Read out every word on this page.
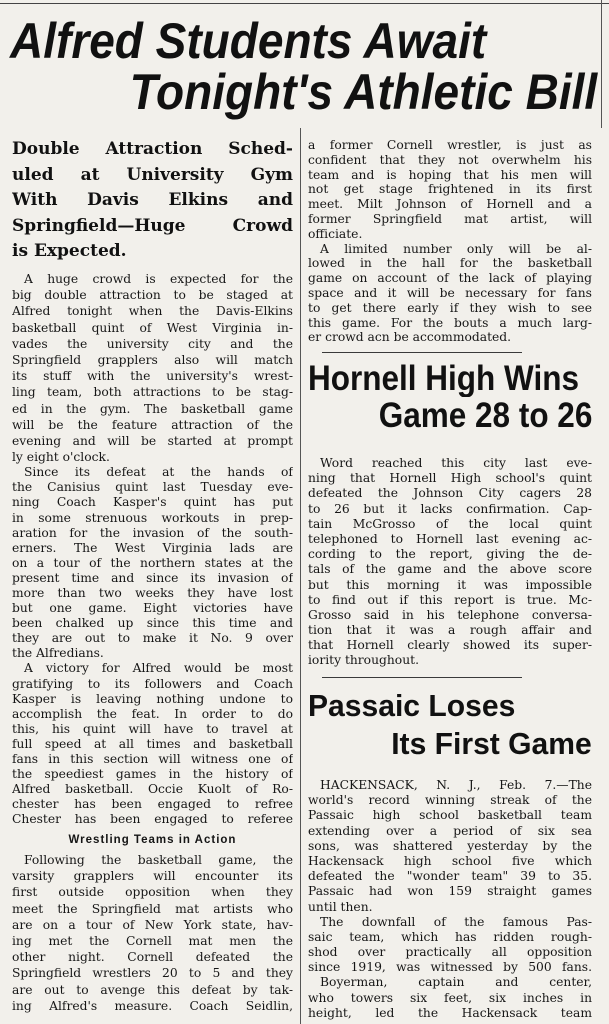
Alfred Students Await
Tonight's Athletic Bill
Double Attraction Sched-
uled at University Gym
With Davis Elkins and
Springfield—Huge Crowd
is Expected.
A huge crowd is expected for the
big double attraction to be staged at
Alfred tonight when the Davis-Elkins
basketball quint of West Virginia in-
vades the university city and the
Springfield grapplers also will match
its stuff with the university's wrest-
ling team, both attractions to be stag-
ed in the gym. The basketball game
will be the feature attraction of the
evening and will be started at prompt
ly eight o'clock.
Since its defeat at the hands of
the Canisius quint last Tuesday eve-
ning Coach Kasper's quint has put
in some strenuous workouts in prep-
aration for the invasion of the south-
erners. The West Virginia lads are
on a tour of the northern states at the
present time and since its invasion of
more than two weeks they have lost
but one game. Eight victories have
been chalked up since this time and
they are out to make it No. 9 over
the Alfredians.
A victory for Alfred would be most
gratifying to its followers and Coach
Kasper is leaving nothing undone to
accomplish the feat. In order to do
this, his quint will have to travel at
full speed at all times and basketball
fans in this section will witness one of
the speediest games in the history of
Alfred basketball. Occie Kuolt of Ro-
chester has been engaged to refree
Chester has been engaged to referee
Wrestling Teams in Action
Following the basketball game, the
varsity grapplers will encounter its
first outside opposition when they
meet the Springfield mat artists who
are on a tour of New York state, hav-
ing met the Cornell mat men the
other night. Cornell defeated the
Springfield wrestlers 20 to 5 and they
are out to avenge this defeat by tak-
ing Alfred's measure. Coach Seidlin,
a former Cornell wrestler, is just as
confident that they not overwhelm his
team and is hoping that his men will
not get stage frightened in its first
meet. Milt Johnson of Hornell and a
former Springfield mat artist, will
officiate.
A limited number only will be al-
lowed in the hall for the basketball
game on account of the lack of playing
space and it will be necessary for fans
to get there early if they wish to see
this game. For the bouts a much larg-
er crowd acn be accommodated.
Hornell High Wins
Game 28 to 26
Word reached this city last eve-
ning that Hornell High school's quint
defeated the Johnson City cagers 28
to 26 but it lacks confirmation. Cap-
tain McGrosso of the local quint
telephoned to Hornell last evening ac-
cording to the report, giving the de-
tals of the game and the above score
but this morning it was impossible
to find out if this report is true. Mc-
Grosso said in his telephone conversa-
tion that it was a rough affair and
that Hornell clearly showed its super-
iority throughout.
Passaic Loses
Its First Game
HACKENSACK, N. J., Feb. 7.—The
world's record winning streak of the
Passaic high school basketball team
extending over a period of six sea
sons, was shattered yesterday by the
Hackensack high school five which
defeated the "wonder team" 39 to 35.
Passaic had won 159 straight games
until then.
The downfall of the famous Pas-
saic team, which has ridden rough-
shod over practically all opposition
since 1919, was witnessed by 500 fans.
Boyerman, captain and center,
who towers six feet, six inches in
height, led the Hackensack team
